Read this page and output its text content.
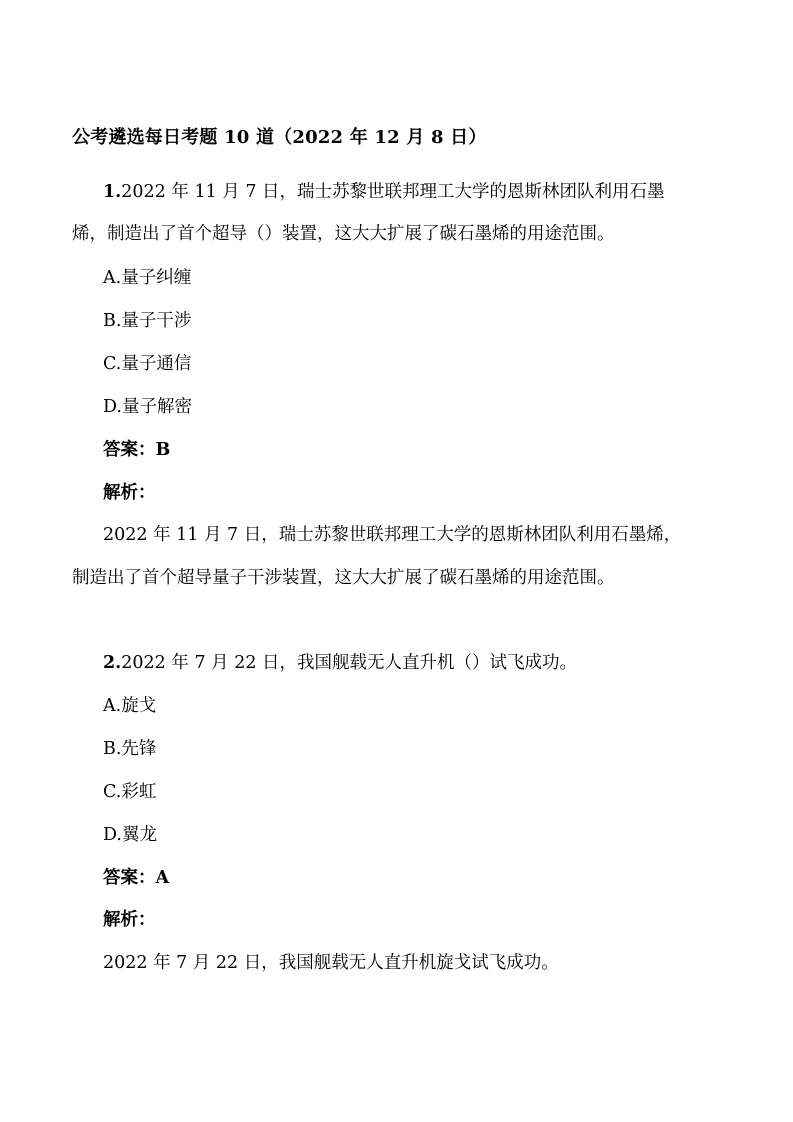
公考遴选每日考题 10 道（2022 年 12 月 8 日）
1.2022 年 11 月 7 日，瑞士苏黎世联邦理工大学的恩斯林团队利用石墨
烯，制造出了首个超导（）装置，这大大扩展了碳石墨烯的用途范围。
A.量子纠缠
B.量子干涉
C.量子通信
D.量子解密
答案：B
解析：
2022 年 11 月 7 日，瑞士苏黎世联邦理工大学的恩斯林团队利用石墨烯，
制造出了首个超导量子干涉装置，这大大扩展了碳石墨烯的用途范围。
2.2022 年 7 月 22 日，我国舰载无人直升机（）试飞成功。
A.旋戈
B.先锋
C.彩虹
D.翼龙
答案：A
解析：
2022 年 7 月 22 日，我国舰载无人直升机旋戈试飞成功。
